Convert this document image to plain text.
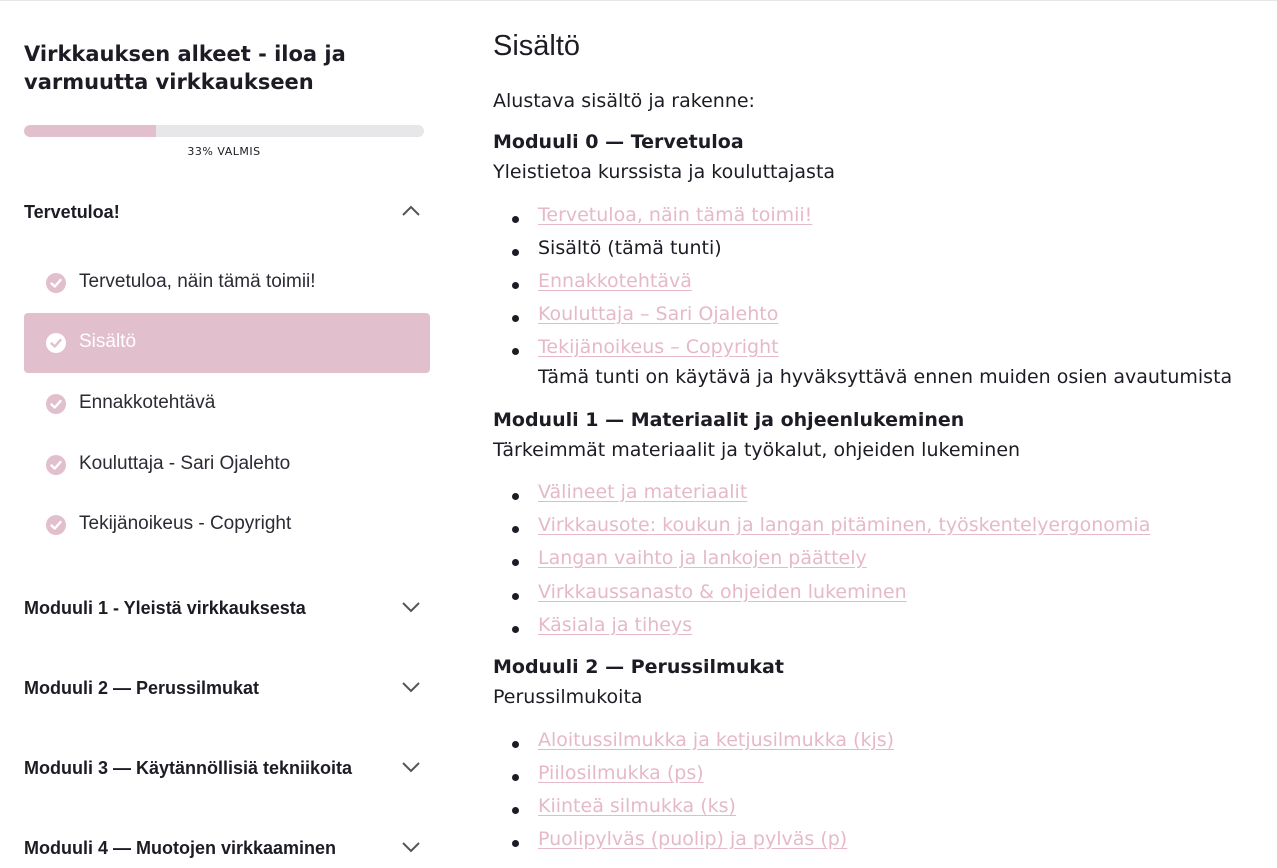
Virkkauksen alkeet - iloa ja varmuutta virkkaukseen
33% VALMIS
Tervetuloa!
Tervetuloa, näin tämä toimii!
Sisältö
Ennakkotehtävä
Kouluttaja - Sari Ojalehto
Tekijänoikeus - Copyright
Moduuli 1 - Yleistä virkkauksesta
Moduuli 2 — Perussilmukat
Moduuli 3 — Käytännöllisiä tekniikoita
Moduuli 4 — Muotojen virkkaaminen
Sisältö
Alustava sisältö ja rakenne:
Moduuli 0 — Tervetuloa
Yleistietoa kurssista ja kouluttajasta
Tervetuloa, näin tämä toimii!
Sisältö (tämä tunti)
Ennakkotehtävä
Kouluttaja – Sari Ojalehto
Tekijänoikeus – Copyright
Tämä tunti on käytävä ja hyväksyttävä ennen muiden osien avautumista
Moduuli 1 — Materiaalit ja ohjeenlukeminen
Tärkeimmät materiaalit ja työkalut, ohjeiden lukeminen
Välineet ja materiaalit
Virkkausote: koukun ja langan pitäminen, työskentelyergonomia
Langan vaihto ja lankojen päättely
Virkkaussanasto & ohjeiden lukeminen
Käsiala ja tiheys
Moduuli 2 — Perussilmukat
Perussilmukoita
Aloitussilmukka ja ketjusilmukka (kjs)
Piilosilmukka (ps)
Kiinteä silmukka (ks)
Puolipylväs (puolip) ja pylväs (p)
